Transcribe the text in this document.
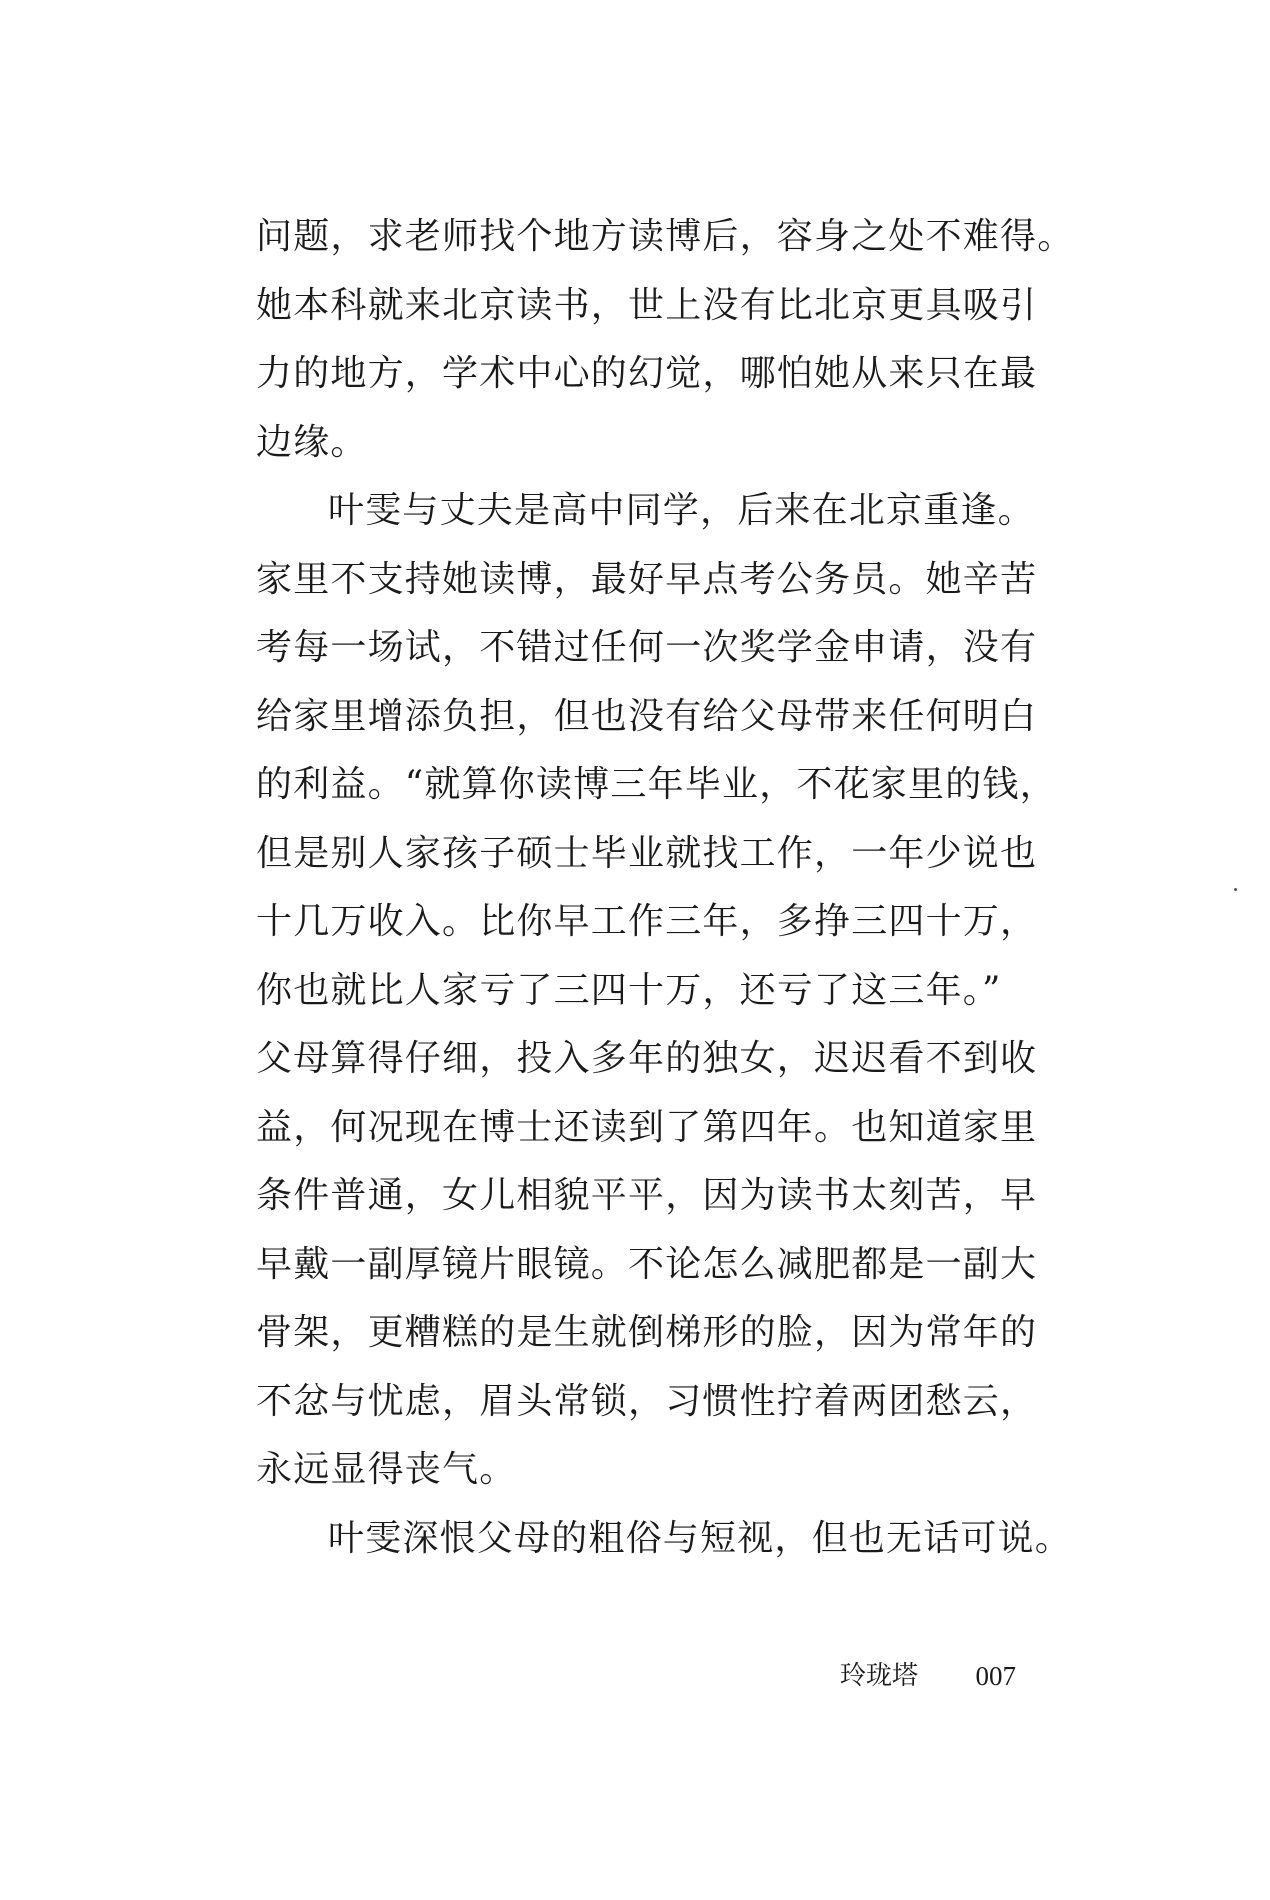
问题，求老师找个地方读博后，容身之处不难得。
她本科就来北京读书，世上没有比北京更具吸引
力的地方，学术中心的幻觉，哪怕她从来只在最
边缘。
叶雯与丈夫是高中同学，后来在北京重逢。
家里不支持她读博，最好早点考公务员。她辛苦
考每一场试，不错过任何一次奖学金申请，没有
给家里增添负担，但也没有给父母带来任何明白
的利益。“就算你读博三年毕业，不花家里的钱，
但是别人家孩子硕士毕业就找工作，一年少说也
十几万收入。比你早工作三年，多挣三四十万，
你也就比人家亏了三四十万，还亏了这三年。”
父母算得仔细，投入多年的独女，迟迟看不到收
益，何况现在博士还读到了第四年。也知道家里
条件普通，女儿相貌平平，因为读书太刻苦，早
早戴一副厚镜片眼镜。不论怎么减肥都是一副大
骨架，更糟糕的是生就倒梯形的脸，因为常年的
不忿与忧虑，眉头常锁，习惯性拧着两团愁云，
永远显得丧气。
叶雯深恨父母的粗俗与短视，但也无话可说。
玲珑塔 007
